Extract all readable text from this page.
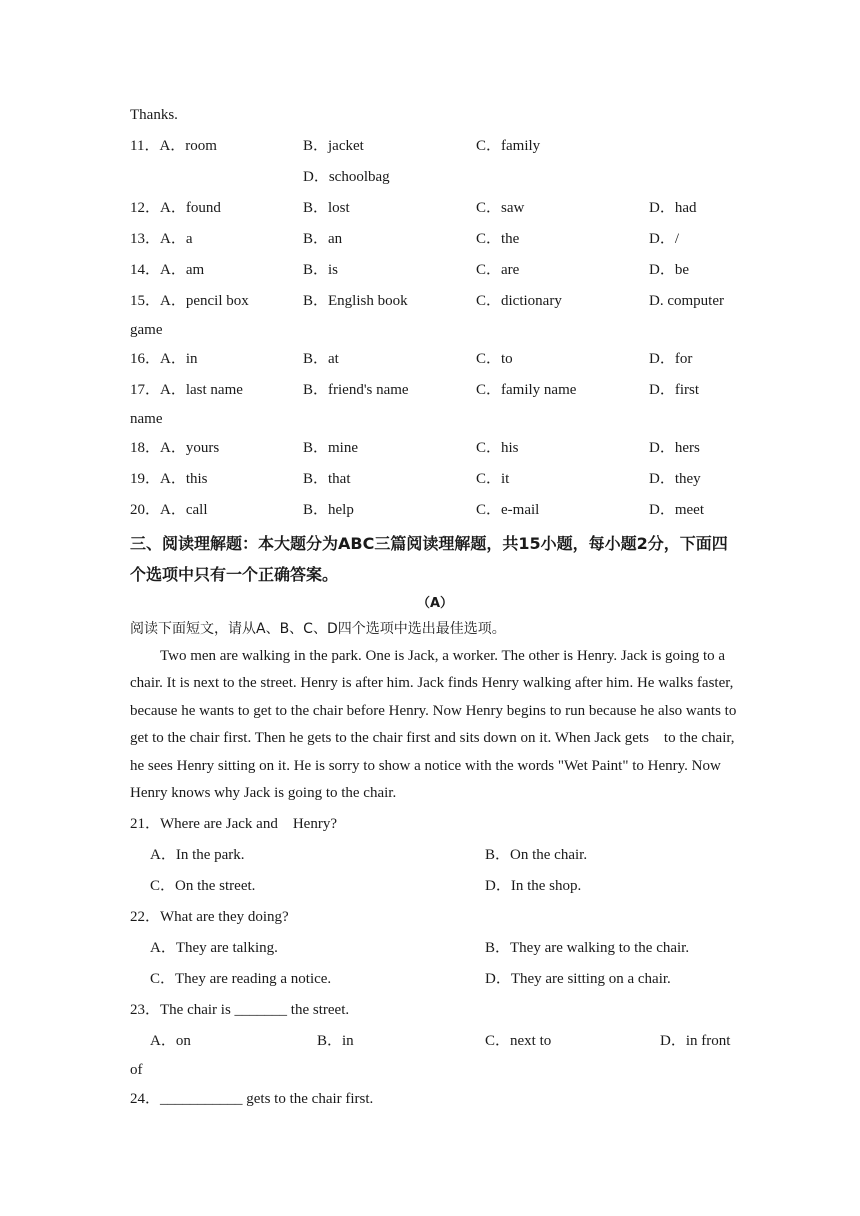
Thanks.
11．A．room	B．jacket	C．family
D．schoolbag
12．A．found	B．lost	C．saw	D．had
13．A．a	B．an	C．the	D．/
14．A．am	B．is	C．are	D．be
15．A．pencil box	B．English book	C．dictionary	D. computer
game
16．A．in	B．at	C．to	D．for
17．A．last name	B．friend's name	C．family name	D．first
name
18．A．yours	B．mine	C．his	D．hers
19．A．this	B．that	C．it	D．they
20．A．call	B．help	C．e-mail	D．meet
三、阅读理解题：本大题分为ABC三篇阅读理解题，共15小题，每小题2分，下面四个选项中只有一个正确答案。
（A）
阅读下面短文，请从A、B、C、D四个选项中选出最佳选项。
Two men are walking in the park. One is Jack, a worker. The other is Henry. Jack is going to a chair. It is next to the street. Henry is after him. Jack finds Henry walking after him. He walks faster, because he wants to get to the chair before Henry. Now Henry begins to run because he also wants to get to the chair first. Then he gets to the chair first and sits down on it. When Jack gets　to the chair, he sees Henry sitting on it. He is sorry to show a notice with the words "Wet Paint" to Henry. Now Henry knows why Jack is going to the chair.
21．Where are Jack and　Henry?
A．In the park.	B．On the chair.
C．On the street.	D．In the shop.
22．What are they doing?
A．They are talking.	B．They are walking to the chair.
C．They are reading a notice.	D．They are sitting on a chair.
23．The chair is _______ the street.
A．on	B．in	C．next to	D．in front
of
24．___________ gets to the chair first.
